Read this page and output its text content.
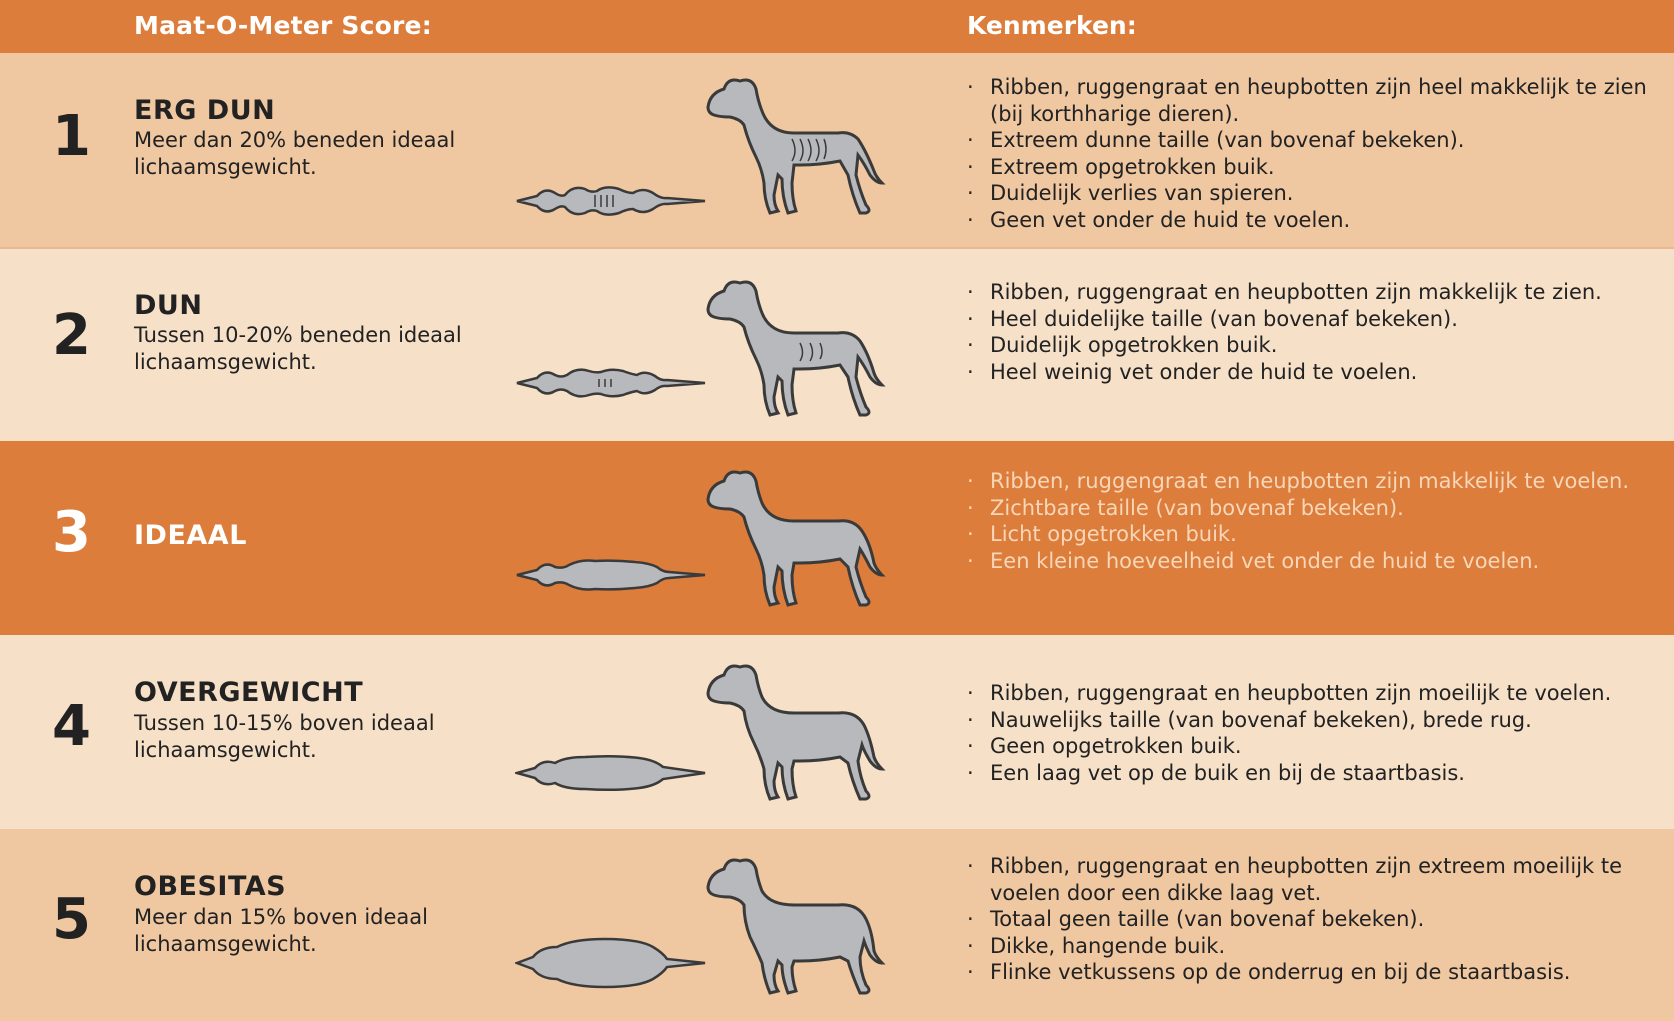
Maat-O-Meter Score:	Kenmerken:
1	ERG DUN
Meer dan 20% beneden ideaal lichaamsgewicht.
· Ribben, ruggengraat en heupbotten zijn heel makkelijk te zien (bij korthharige dieren).
· Extreem dunne taille (van bovenaf bekeken).
· Extreem opgetrokken buik.
· Duidelijk verlies van spieren.
· Geen vet onder de huid te voelen.
2	DUN
Tussen 10-20% beneden ideaal lichaamsgewicht.
· Ribben, ruggengraat en heupbotten zijn makkelijk te zien.
· Heel duidelijke taille (van bovenaf bekeken).
· Duidelijk opgetrokken buik.
· Heel weinig vet onder de huid te voelen.
3	IDEAAL
· Ribben, ruggengraat en heupbotten zijn makkelijk te voelen.
· Zichtbare taille (van bovenaf bekeken).
· Licht opgetrokken buik.
· Een kleine hoeveelheid vet onder de huid te voelen.
4
OVERGEWICHT
Tussen 10-15% boven ideaal lichaamsgewicht.
· Ribben, ruggengraat en heupbotten zijn moeilijk te voelen.
· Nauwelijks taille (van bovenaf bekeken), brede rug.
· Geen opgetrokken buik.
· Een laag vet op de buik en bij de staartbasis.
5
OBESITAS
Meer dan 15% boven ideaal lichaamsgewicht.
· Ribben, ruggengraat en heupbotten zijn extreem moeilijk te voelen door een dikke laag vet.
· Totaal geen taille (van bovenaf bekeken).
· Dikke, hangende buik.
· Flinke vetkussens op de onderrug en bij de staartbasis.
